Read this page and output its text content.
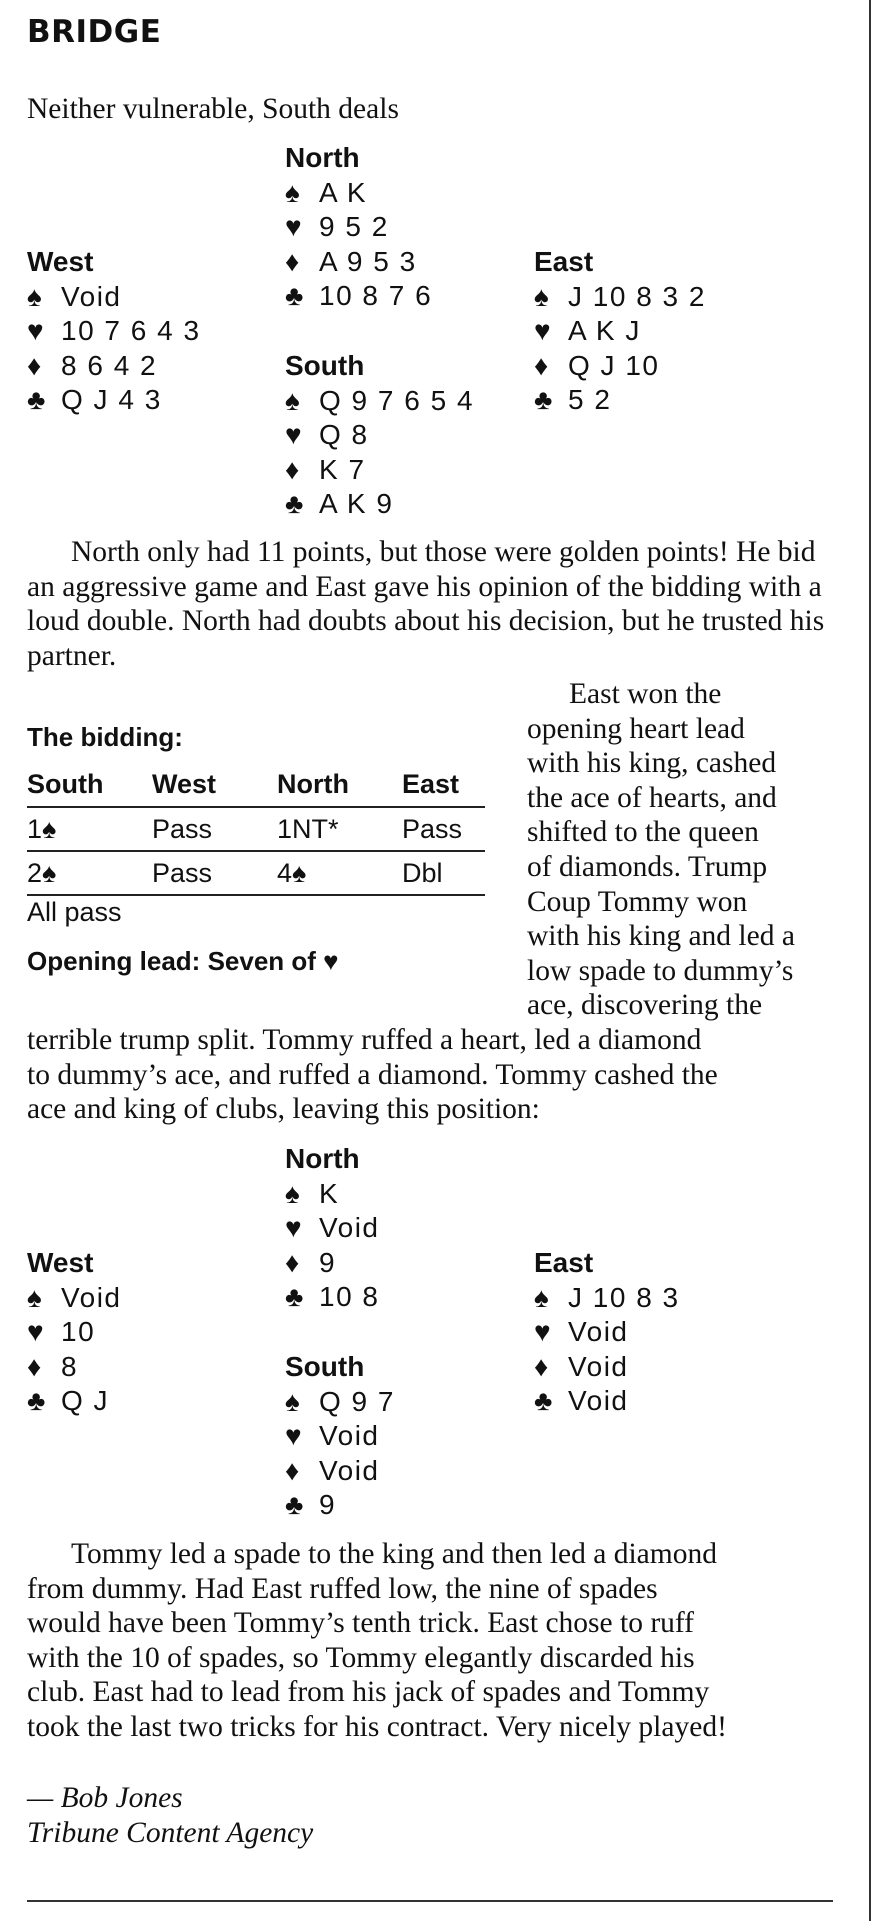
BRIDGE
Neither vulnerable, South deals
North
♠ A K
♥ 9 5 2
♦ A 9 5 3
♣ 10 8 7 6
West
♠ Void
♥ 10 7 6 4 3
♦ 8 6 4 2
♣ Q J 4 3
East
♠ J 10 8 3 2
♥ A K J
♦ Q J 10
♣ 5 2
South
♠ Q 9 7 6 5 4
♥ Q 8
♦ K 7
♣ A K 9

North only had 11 points, but those were golden points! He bid an aggressive game and East gave his opinion of the bidding with a loud double. North had doubts about his decision, but he trusted his partner.

The bidding:
South	West	North	East
1♠	Pass	1NT*	Pass
2♠	Pass	4♠	Dbl
All pass
Opening lead: Seven of ♥
East won the
opening heart lead
with his king, cashed
the ace of hearts, and
shifted to the queen
of diamonds. Trump
Coup Tommy won
with his king and led a
low spade to dummy’s
ace, discovering the
terrible trump split. Tommy ruffed a heart, led a diamond
to dummy’s ace, and ruffed a diamond. Tommy cashed the
ace and king of clubs, leaving this position:
North
♠ K
♥ Void
♦ 9
♣ 10 8
West
♠ Void
♥ 10
♦ 8
♣ Q J
East
♠ J 10 8 3
♥ Void
♦ Void
♣ Void
South
♠ Q 9 7
♥ Void
♦ Void
♣ 9
Tommy led a spade to the king and then led a diamond
from dummy. Had East ruffed low, the nine of spades
would have been Tommy’s tenth trick. East chose to ruff
with the 10 of spades, so Tommy elegantly discarded his
club. East had to lead from his jack of spades and Tommy
took the last two tricks for his contract. Very nicely played!
— Bob Jones
Tribune Content Agency
